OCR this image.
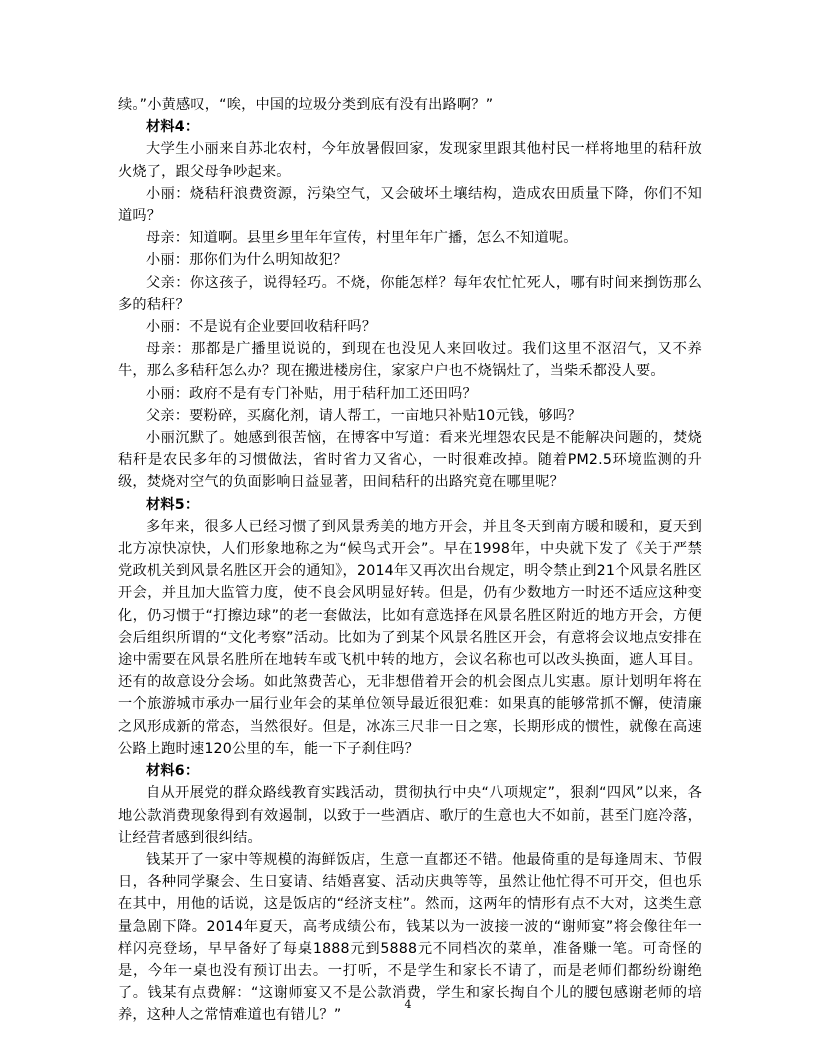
续。”小黄感叹，“唉，中国的垃圾分类到底有没有出路啊？”

材料4：

大学生小丽来自苏北农村，今年放暑假回家，发现家里跟其他村民一样将地里的秸秆放火烧了，跟父母争吵起来。

小丽：烧秸秆浪费资源，污染空气，又会破坏土壤结构，造成农田质量下降，你们不知道吗？

母亲：知道啊。县里乡里年年宣传，村里年年广播，怎么不知道呢。

小丽：那你们为什么明知故犯？

父亲：你这孩子，说得轻巧。不烧，你能怎样？每年农忙忙死人，哪有时间来捯饬那么多的秸秆？

小丽：不是说有企业要回收秸秆吗？

母亲：那都是广播里说说的，到现在也没见人来回收过。我们这里不沤沼气，又不养牛，那么多秸秆怎么办？现在搬进楼房住，家家户户也不烧锅灶了，当柴禾都没人要。

小丽：政府不是有专门补贴，用于秸秆加工还田吗？

父亲：要粉碎，买腐化剂，请人帮工，一亩地只补贴10元钱，够吗？

小丽沉默了。她感到很苦恼，在博客中写道：看来光埋怨农民是不能解决问题的，焚烧秸秆是农民多年的习惯做法，省时省力又省心，一时很难改掉。随着PM2.5环境监测的升级，焚烧对空气的负面影响日益显著，田间秸秆的出路究竟在哪里呢？

材料5：

多年来，很多人已经习惯了到风景秀美的地方开会，并且冬天到南方暖和暖和，夏天到北方凉快凉快，人们形象地称之为“候鸟式开会”。早在1998年，中央就下发了《关于严禁党政机关到风景名胜区开会的通知》，2014年又再次出台规定，明令禁止到21个风景名胜区开会，并且加大监管力度，使不良会风明显好转。但是，仍有少数地方一时还不适应这种变化，仍习惯于“打擦边球”的老一套做法，比如有意选择在风景名胜区附近的地方开会，方便会后组织所谓的“文化考察”活动。比如为了到某个风景名胜区开会，有意将会议地点安排在途中需要在风景名胜所在地转车或飞机中转的地方，会议名称也可以改头换面，遮人耳目。还有的故意设分会场。如此煞费苦心，无非想借着开会的机会图点儿实惠。原计划明年将在一个旅游城市承办一届行业年会的某单位领导最近很犯难：如果真的能够常抓不懈，使清廉之风形成新的常态，当然很好。但是，冰冻三尺非一日之寒，长期形成的惯性，就像在高速公路上跑时速120公里的车，能一下子刹住吗？

材料6：

自从开展党的群众路线教育实践活动，贯彻执行中央“八项规定”，狠刹“四风”以来，各地公款消费现象得到有效遏制，以致于一些酒店、歌厅的生意也大不如前，甚至门庭冷落，让经营者感到很纠结。

钱某开了一家中等规模的海鲜饭店，生意一直都还不错。他最倚重的是每逢周末、节假日，各种同学聚会、生日宴请、结婚喜宴、活动庆典等等，虽然让他忙得不可开交，但也乐在其中，用他的话说，这是饭店的“经济支柱”。然而，这两年的情形有点不大对，这类生意量急剧下降。2014年夏天，高考成绩公布，钱某以为一波接一波的“谢师宴”将会像往年一样闪亮登场，早早备好了每桌1888元到5888元不同档次的菜单，准备赚一笔。可奇怪的是，今年一桌也没有预订出去。一打听，不是学生和家长不请了，而是老师们都纷纷谢绝了。钱某有点费解：“这谢师宴又不是公款消费，学生和家长掏自个儿的腰包感谢老师的培养，这种人之常情难道也有错儿？”

4
